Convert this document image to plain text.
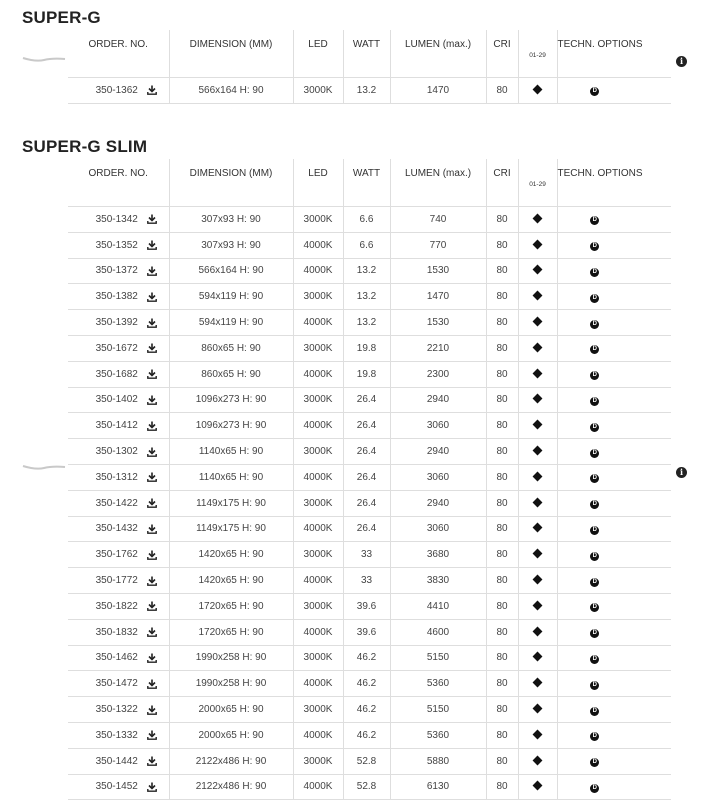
SUPER-G
i
ORDER. NO.	DIMENSION (MM)	LED	WATT	LUMEN (max.)	CRI	01-29	TECHN. OPTIONS	

350-1362	566x164 H: 90	3000K	13.2	1470	80		D	
SUPER-G SLIM
i
ORDER. NO.	DIMENSION (MM)	LED	WATT	LUMEN (max.)	CRI	01-29	TECHN. OPTIONS	

350-1342	307x93 H: 90	3000K	6.6	740	80		D	

350-1352	307x93 H: 90	4000K	6.6	770	80		D	

350-1372	566x164 H: 90	4000K	13.2	1530	80		D	

350-1382	594x119 H: 90	3000K	13.2	1470	80		D	

350-1392	594x119 H: 90	4000K	13.2	1530	80		D	

350-1672	860x65 H: 90	3000K	19.8	2210	80		D	

350-1682	860x65 H: 90	4000K	19.8	2300	80		D	

350-1402	1096x273 H: 90	3000K	26.4	2940	80		D	

350-1412	1096x273 H: 90	4000K	26.4	3060	80		D	

350-1302	1140x65 H: 90	3000K	26.4	2940	80		D	

350-1312	1140x65 H: 90	4000K	26.4	3060	80		D	

350-1422	1149x175 H: 90	3000K	26.4	2940	80		D	

350-1432	1149x175 H: 90	4000K	26.4	3060	80		D	

350-1762	1420x65 H: 90	3000K	33	3680	80		D	

350-1772	1420x65 H: 90	4000K	33	3830	80		D	

350-1822	1720x65 H: 90	3000K	39.6	4410	80		D	

350-1832	1720x65 H: 90	4000K	39.6	4600	80		D	

350-1462	1990x258 H: 90	3000K	46.2	5150	80		D	

350-1472	1990x258 H: 90	4000K	46.2	5360	80		D	

350-1322	2000x65 H: 90	3000K	46.2	5150	80		D	

350-1332	2000x65 H: 90	4000K	46.2	5360	80		D	

350-1442	2122x486 H: 90	3000K	52.8	5880	80		D	

350-1452	2122x486 H: 90	4000K	52.8	6130	80		D	
